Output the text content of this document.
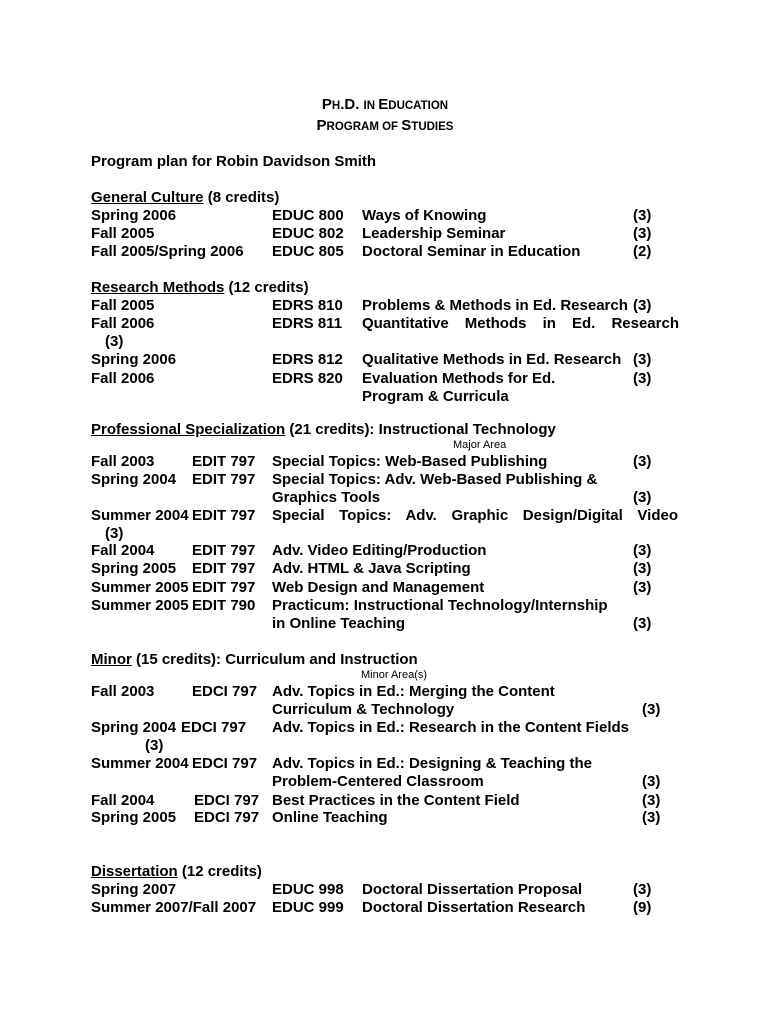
PH.D. IN EDUCATION
PROGRAM OF STUDIES
Program plan for Robin Davidson Smith
General Culture (8 credits)
Spring 2006	EDUC 800 Ways of Knowing	(3)
Fall 2005	EDUC 802 Leadership Seminar	(3)
Fall 2005/Spring 2006 EDUC 805 Doctoral Seminar in Education	(2)
Research Methods (12 credits)
Fall 2005	EDRS 810 Problems & Methods in Ed. Research (3)
Fall 2006	EDRS 811 Quantitative Methods in Ed. Research
(3)
Spring 2006	EDRS 812 Qualitative Methods in Ed. Research (3)
Fall 2006	EDRS 820 Evaluation Methods for Ed.	(3)
Program & Curricula
Professional Specialization (21 credits): Instructional Technology
Major Area
Fall 2003	EDIT 797 Special Topics: Web-Based Publishing	(3)
Spring 2004 EDIT 797 Special Topics: Adv. Web-Based Publishing &
Graphics Tools	(3)
Summer 2004 EDIT 797 Special Topics: Adv. Graphic Design/Digital Video
(3)
Fall 2004	EDIT 797 Adv. Video Editing/Production	(3)
Spring 2005 EDIT 797 Adv. HTML & Java Scripting	(3)
Summer 2005 EDIT 797 Web Design and Management	(3)
Summer 2005 EDIT 790 Practicum: Instructional Technology/Internship
in Online Teaching	(3)
Minor (15 credits): Curriculum and Instruction
Minor Area(s)
Fall 2003	EDCI 797 Adv. Topics in Ed.: Merging the Content
Curriculum & Technology	(3)
Spring 2004 EDCI 797 Adv. Topics in Ed.: Research in the Content Fields
(3)
Summer 2004 EDCI 797 Adv. Topics in Ed.: Designing & Teaching the
Problem-Centered Classroom	(3)
Fall 2004	EDCI 797 Best Practices in the Content Field	(3)
Spring 2005 EDCI 797 Online Teaching	(3)
Dissertation (12 credits)
Spring 2007	EDUC 998 Doctoral Dissertation Proposal	(3)
Summer 2007/Fall 2007 EDUC 999 Doctoral Dissertation Research	(9)
